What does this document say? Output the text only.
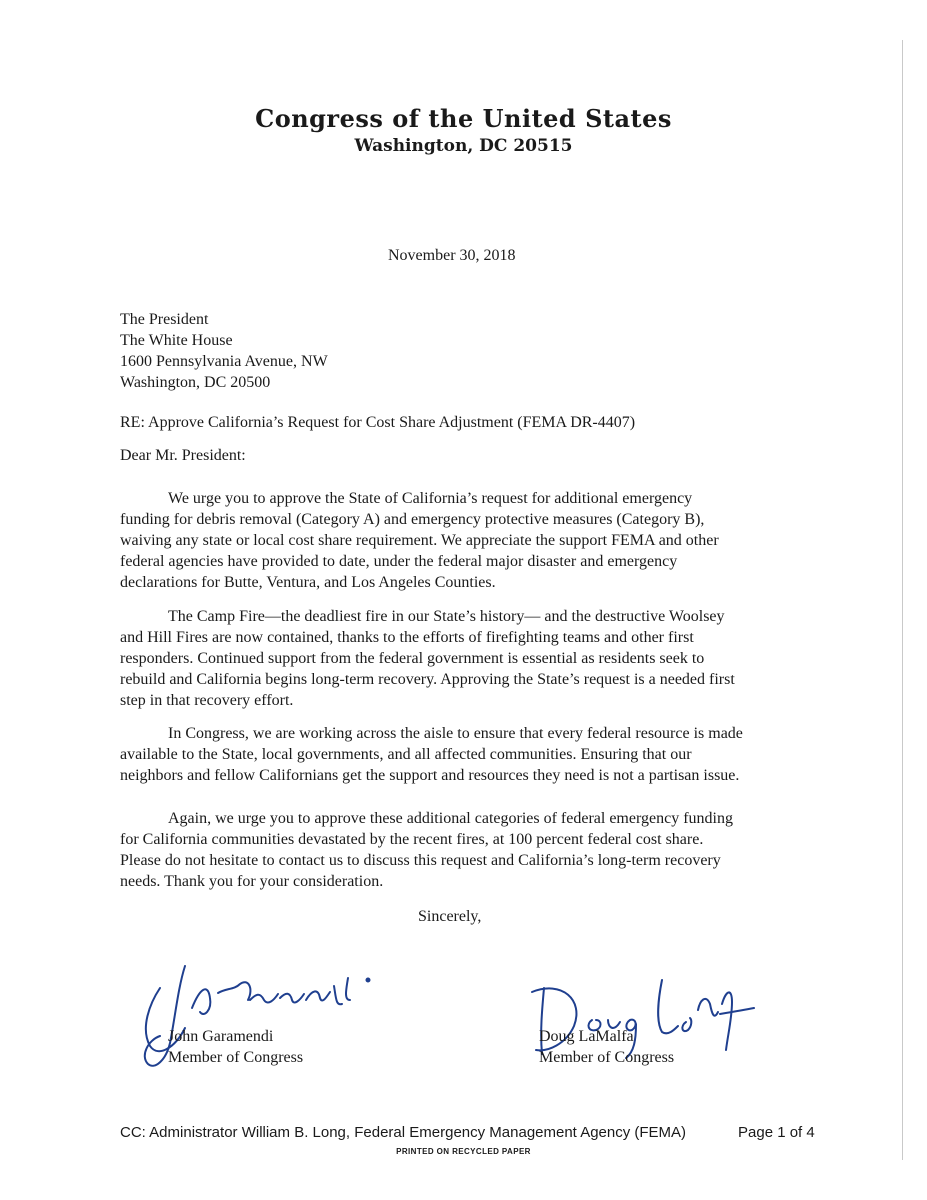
Congress of the United States
Washington, DC 20515
November 30, 2018
The President
The White House
1600 Pennsylvania Avenue, NW
Washington, DC 20500
RE: Approve California’s Request for Cost Share Adjustment (FEMA DR-4407)
Dear Mr. President:
We urge you to approve the State of California’s request for additional emergency
funding for debris removal (Category A) and emergency protective measures (Category B),
waiving any state or local cost share requirement. We appreciate the support FEMA and other
federal agencies have provided to date, under the federal major disaster and emergency
declarations for Butte, Ventura, and Los Angeles Counties.
The Camp Fire—the deadliest fire in our State’s history— and the destructive Woolsey
and Hill Fires are now contained, thanks to the efforts of firefighting teams and other first
responders. Continued support from the federal government is essential as residents seek to
rebuild and California begins long-term recovery. Approving the State’s request is a needed first
step in that recovery effort.
In Congress, we are working across the aisle to ensure that every federal resource is made
available to the State, local governments, and all affected communities. Ensuring that our
neighbors and fellow Californians get the support and resources they need is not a partisan issue.
Again, we urge you to approve these additional categories of federal emergency funding
for California communities devastated by the recent fires, at 100 percent federal cost share.
Please do not hesitate to contact us to discuss this request and California’s long-term recovery
needs. Thank you for your consideration.
Sincerely,
John Garamendi
Member of Congress
Doug LaMalfa
Member of Congress
CC: Administrator William B. Long, Federal Emergency Management Agency (FEMA)	Page 1 of 4
PRINTED ON RECYCLED PAPER
